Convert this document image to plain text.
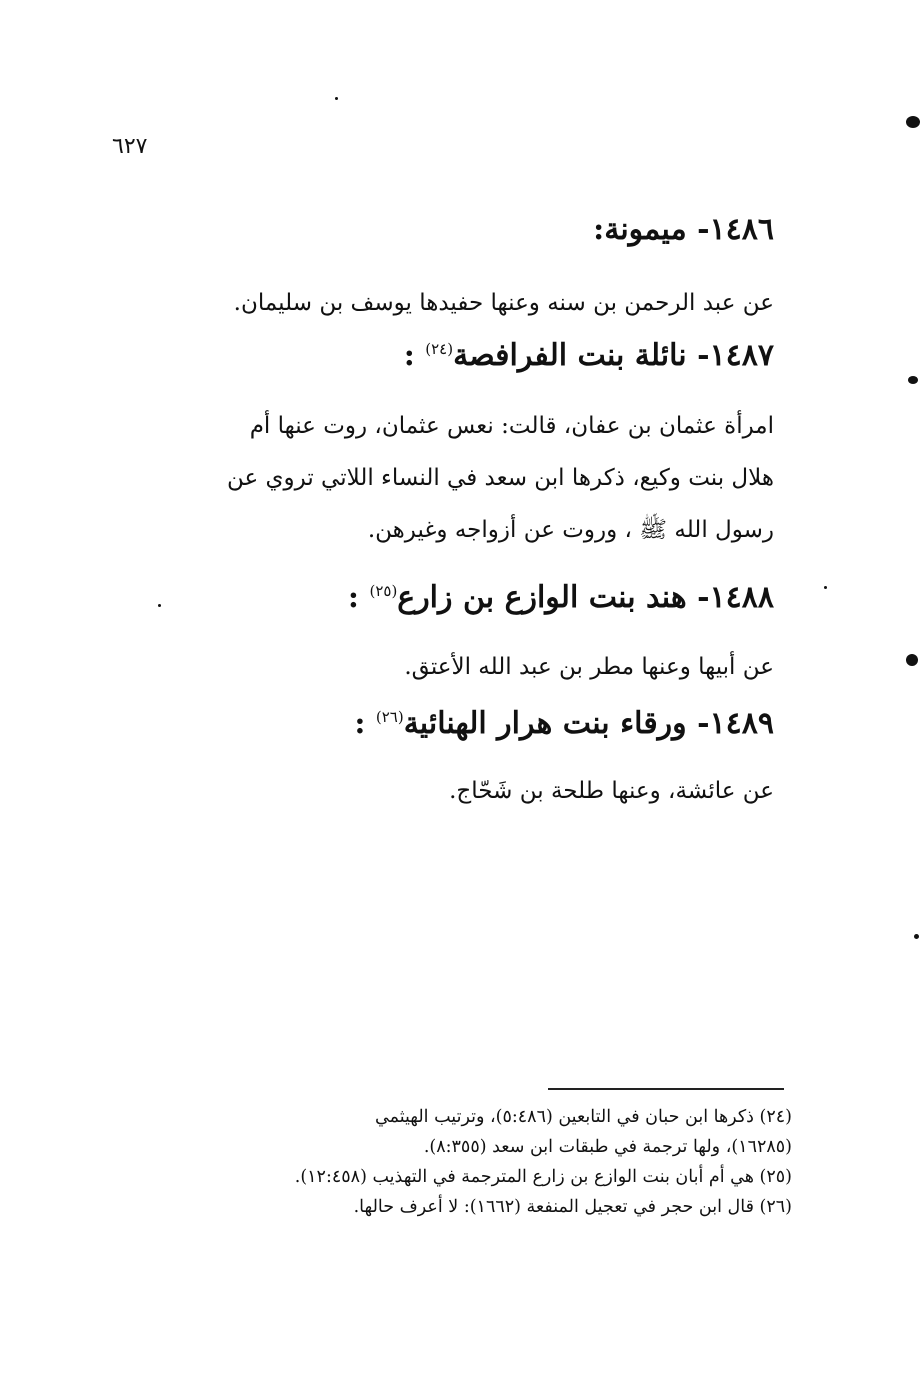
٦٢٧
١٤٨٦- ميمونة:
عن عبد الرحمن بن سنه وعنها حفيدها يوسف بن سليمان.
١٤٨٧- نائلة بنت الفرافصة$^{(٢٤)}$ :
امرأة عثمان بن عفان، قالت: نعس عثمان، روت عنها أم
هلال بنت وكيع، ذكرها ابن سعد في النساء اللاتي تروي عن
رسول الله ﷺ ، وروت عن أزواجه وغيرهن.
١٤٨٨- هند بنت الوازع بن زارع$^{(٢٥)}$ :
عن أبيها وعنها مطر بن عبد الله الأعتق.
١٤٨٩- ورقاء بنت هرار الهنائية$^{(٢٦)}$ :
عن عائشة، وعنها طلحة بن شَحّاج.
(٢٤) ذكرها ابن حبان في التابعين (٥:٤٨٦)، وترتيب الهيثمي
(١٦٢٨٥)، ولها ترجمة في طبقات ابن سعد (٨:٣٥٥).
(٢٥) هي أم أبان بنت الوازع بن زارع المترجمة في التهذيب (١٢:٤٥٨).
(٢٦) قال ابن حجر في تعجيل المنفعة (١٦٦٢): لا أعرف حالها.
